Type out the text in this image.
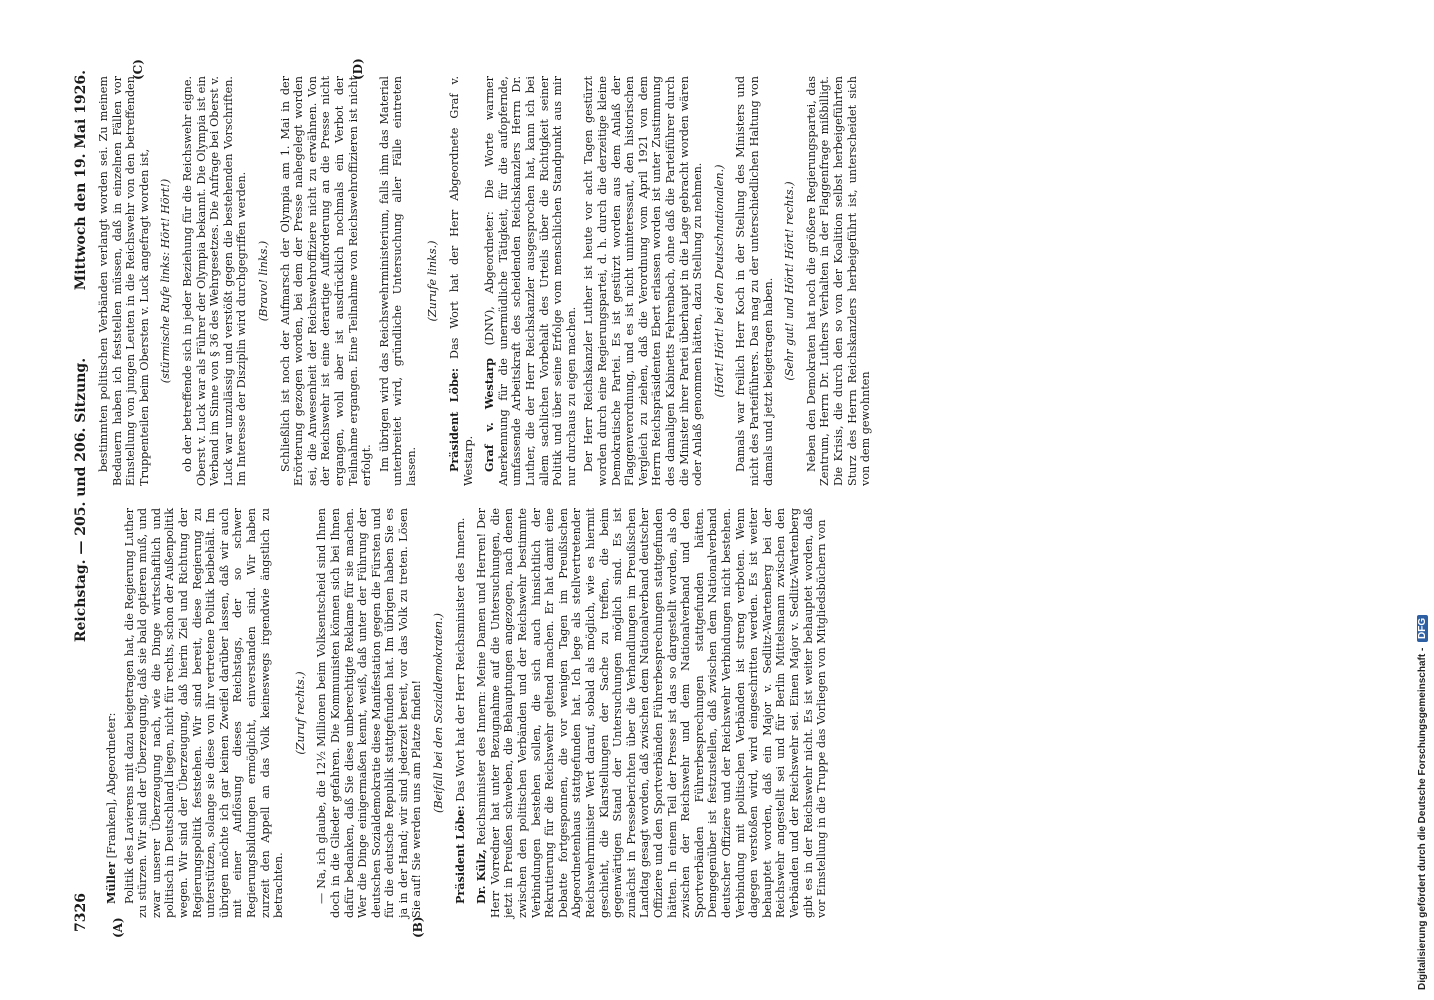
7326
Reichstag. — 205. und 206. Sitzung.
Mittwoch den 19. Mai 1926.
(A)	(B)
(C)	(D)

Müller [Franken], Abgeordneter: Politik des Lavierens mit dazu beigetragen hat, die Regierung Luther zu stürzen. Wir sind der Überzeugung, daß sie bald optieren muß, und zwar unserer Überzeugung nach, wie die Dinge wirtschaftlich und politisch in Deutschland liegen, nicht für rechts, schon der Außenpolitik wegen. Wir sind der Überzeugung, daß hierin Ziel und Richtung der Regierungspolitik feststehen. Wir sind bereit, diese Regierung zu unterstützen, solange sie diese von ihr vertretene Politik beibehält. Im übrigen möchte ich gar keinen Zweifel darüber lassen, daß wir auch mit einer Auflösung dieses Reichstags, der so schwer Regierungsbildungen ermöglicht, einverstanden sind. Wir haben zurzeit den Appell an das Volk keineswegs irgendwie ängstlich zu betrachten.

(Zuruf rechts.) — Na, ich glaube, die 12½ Millionen beim Volksentscheid sind Ihnen doch in die Glieder gefahren. Die Kommunisten können sich bei Ihnen dafür bedanken, daß Sie diese unberechtigte Reklame für sie machen. Wer die Dinge einigermaßen kennt, weiß, daß unter der Führung der deutschen Sozialdemokratie diese Manifestation gegen die Fürsten und für die deutsche Republik stattgefunden hat. Im übrigen haben Sie es ja in der Hand; wir sind jederzeit bereit, vor das Volk zu treten. Lösen Sie auf! Sie werden uns am Platze finden! (Beifall bei den Sozialdemokraten.)

Präsident Löbe: Das Wort hat der Herr Reichsminister des Innern.

Dr. Külz, Reichsminister des Innern: Meine Damen und Herren! Der Herr Vorredner hat unter Bezugnahme auf die Untersuchungen, die jetzt in Preußen schweben, die Behauptungen angezogen, nach denen zwischen den politischen Verbänden und der Reichswehr bestimmte Verbindungen bestehen sollen, die sich auch hinsichtlich der Rekrutierung für die Reichswehr geltend machen. Er hat damit eine Debatte fortgesponnen, die vor wenigen Tagen im Preußischen Abgeordnetenhaus stattgefunden hat. Ich lege als stellvertretender Reichswehrminister Wert darauf, sobald als möglich, wie es hiermit geschieht, die Klarstellungen der Sache zu treffen, die beim gegenwärtigen Stand der Untersuchungen möglich sind. Es ist zunächst in Presseberichten über die Verhandlungen im Preußischen Landtag gesagt worden, daß zwischen dem Nationalverband deutscher Offiziere und den Sportverbänden Führerbesprechungen stattgefunden hätten. In einem Teil der Presse ist das so dargestellt worden, als ob zwischen der Reichswehr und dem Nationalverband und den Sportverbänden Führerbesprechungen stattgefunden hätten. Demgegenüber ist festzustellen, daß zwischen dem Nationalverband deutscher Offiziere und der Reichswehr Verbindungen nicht bestehen. Verbindung mit politischen Verbänden ist streng verboten. Wenn dagegen verstoßen wird, wird eingeschritten werden. Es ist weiter behauptet worden, daß ein Major v. Sedlitz-Wartenberg bei der Reichswehr angestellt sei und für Berlin Mittelsmann zwischen den Verbänden und der Reichswehr sei. Einen Major v. Sedlitz-Wartenberg gibt es in der Reichswehr nicht. Es ist weiter behauptet worden, daß vor Einstellung in die Truppe das Vorliegen von Mitgliedsbüchern von

bestimmten politischen Verbänden verlangt worden sei. Zu meinem Bedauern haben ich feststellen müssen, daß in einzelnen Fällen vor Einstellung von jungen Leuten in die Reichswehr von den betreffenden Truppenteilen beim Obersten v. Luck angefragt worden ist, (stürmische Rufe links: Hört! Hört!) ob der betreffende sich in jeder Beziehung für die Reichswehr eigne. Oberst v. Luck war als Führer der Olympia bekannt. Die Olympia ist ein Verband im Sinne von § 36 des Wehrgesetzes. Die Anfrage bei Oberst v. Luck war unzulässig und verstößt gegen die bestehenden Vorschriften. Im Interesse der Disziplin wird durchgegriffen werden. (Bravo! links.) Schließlich ist noch der Aufmarsch der Olympia am 1. Mai in der Erörterung gezogen worden, bei dem der Presse nahegelegt worden sei, die Anwesenheit der Reichswehroffiziere nicht zu erwähnen. Von der Reichswehr ist eine derartige Aufforderung an die Presse nicht ergangen, wohl aber ist ausdrücklich nochmals ein Verbot der Teilnahme ergangen. Eine Teilnahme von Reichswehroffizieren ist nicht erfolgt. Im übrigen wird das Reichswehrministerium, falls ihm das Material unterbreitet wird, gründliche Untersuchung aller Fälle eintreten lassen.

(Zurufe links.)

Präsident Löbe: Das Wort hat der Herr Abgeordnete Graf v. Westarp. Graf v. Westarp (DNV), Abgeordneter: Die Worte warmer Anerkennung für die unermüdliche Tätigkeit, für die aufopfernde, umfassende Arbeitskraft des scheidenden Reichskanzlers Herrn Dr. Luther, die der Herr Reichskanzler ausgesprochen hat, kann ich bei allem sachlichen Vorbehalt des Urteils über die Richtigkeit seiner Politik und über seine Erfolge vom menschlichen Standpunkt aus mir nur durchaus zu eigen machen. Der Herr Reichskanzler Luther ist heute vor acht Tagen gestürzt worden durch eine Regierungspartei, d. h. durch die derzeitige kleine Demokratische Partei. Es ist gestürzt worden aus dem Anlaß der Flaggenverordnung, und es ist nicht uninteressant, den historischen Vergleich zu ziehen, daß die Verordnung vom April 1921 von dem Herrn Reichspräsidenten Ebert erlassen worden ist unter Zustimmung des damaligen Kabinetts Fehrenbach, ohne daß die Parteiführer durch die Minister ihrer Partei überhaupt in die Lage gebracht worden wären oder Anlaß genommen hätten, dazu Stellung zu nehmen. (Hört! Hört! bei den Deutschnationalen.) Damals war freilich Herr Koch in der Stellung des Ministers und nicht des Parteiführers. Das mag zu der unterschiedlichen Haltung von damals und jetzt beigetragen haben. (Sehr gut! und Hört! Hört! rechts.) Neben den Demokraten hat noch die größere Regierungspartei, das Zentrum, Herrn Dr. Luthers Verhalten in der Flaggenfrage mißbilligt. Die Krisis, die durch den so von der Koalition selbst herbeigeführten Sturz des Herrn Reichskanzlers herbeigeführt ist, unterscheidet sich von dem gewohnten

Digitalisierung gefördert durch die Deutsche Forschungsgemeinschaft - DFG
